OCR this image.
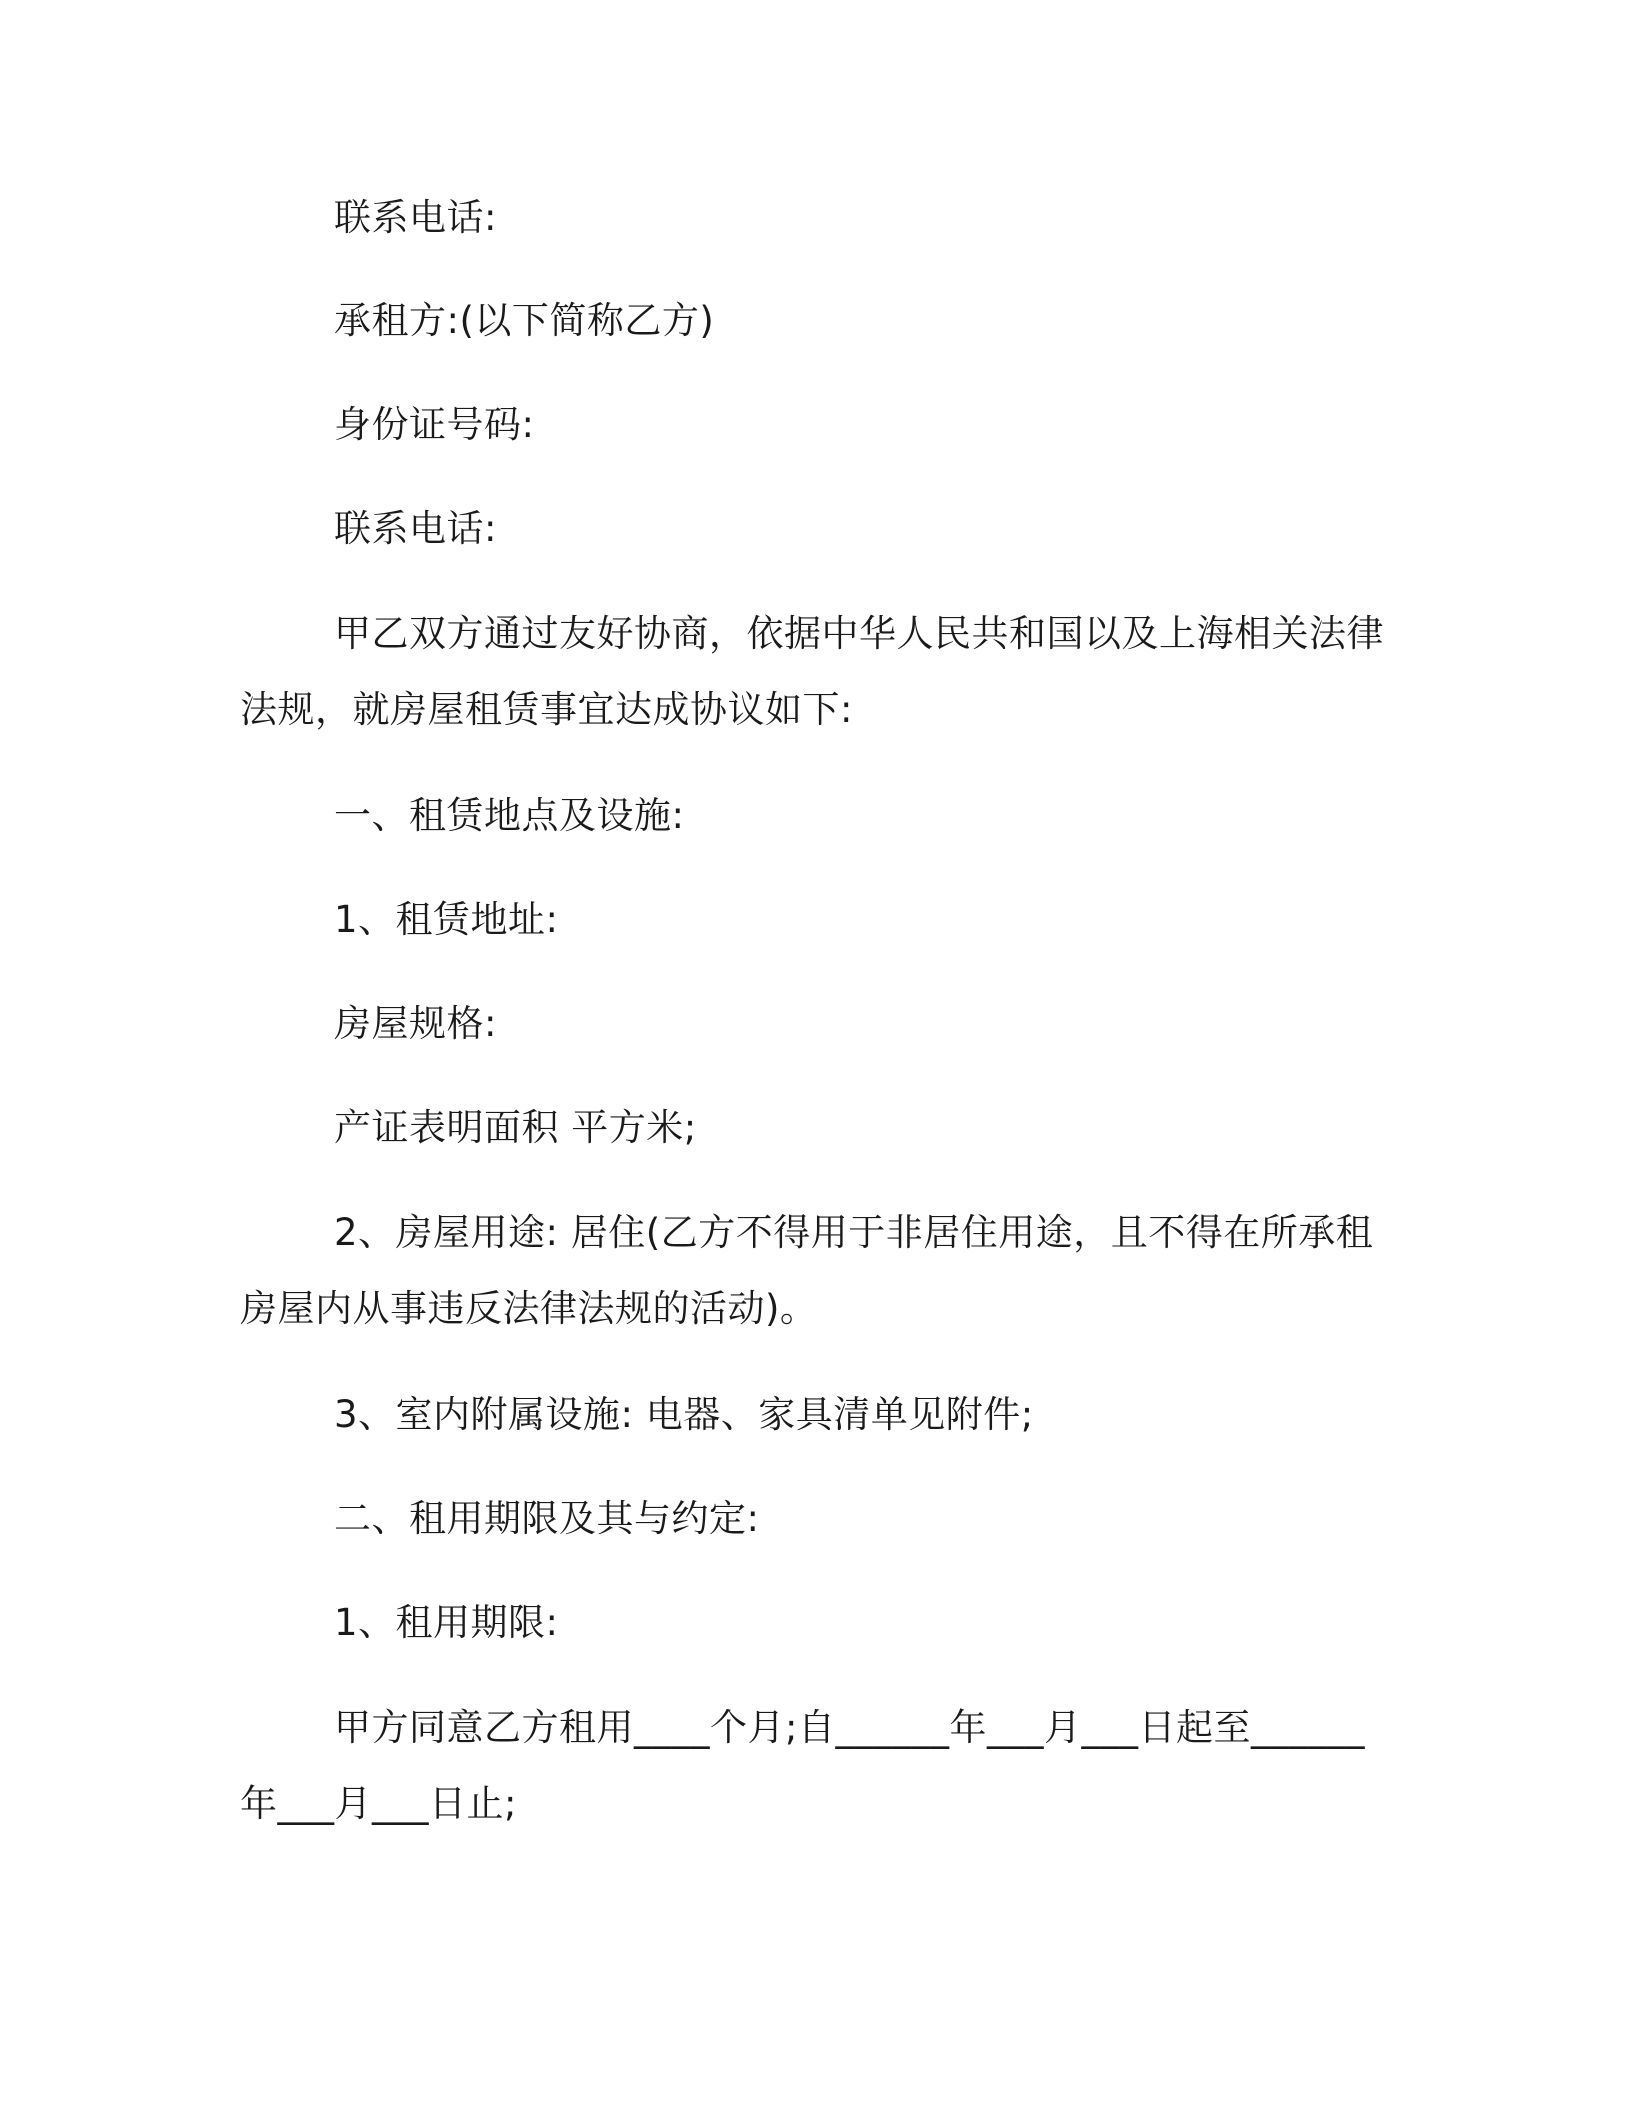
联系电话:

承租方:(以下简称乙方)

身份证号码:

联系电话:

甲乙双方通过友好协商，依据中华人民共和国以及上海相关法律法规，就房屋租赁事宜达成协议如下:

一、租赁地点及设施:

1、租赁地址:

房屋规格:

产证表明面积 平方米;

2、房屋用途: 居住(乙方不得用于非居住用途，且不得在所承租房屋内从事违反法律法规的活动)。

3、室内附属设施: 电器、家具清单见附件;

二、租用期限及其与约定:

1、租用期限:

甲方同意乙方租用____个月;自______年___月___日起至______年___月___日止;
